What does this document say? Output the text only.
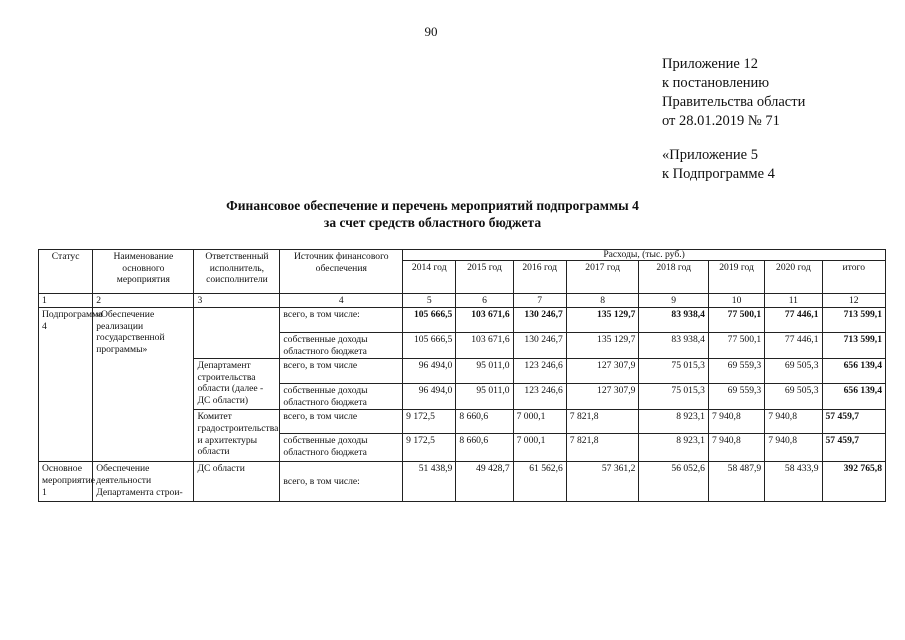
90
Приложение 12
к постановлению
Правительства области
от 28.01.2019 № 71
«Приложение 5
к Подпрограмме 4
Финансовое обеспечение и перечень мероприятий подпрограммы 4
за счет средств областного бюджета
Статус	Наименование основного мероприятия	Ответственный исполнитель, соисполнители	Источник финансового обеспечения	Расходы, (тыс. руб.)							
				2014 год	2015 год	2016 год	2017 год	2018 год	2019 год	2020 год	итого
1	2	3	4	5	6	7	8	9	10	11	12
Подпрограмма 4	«Обеспечение реализации государственной программы»		всего, в том числе:	105 666,5	103 671,6	130 246,7	135 129,7	83 938,4	77 500,1	77 446,1	713 599,1
			собственные доходы областного бюджета	105 666,5	103 671,6	130 246,7	135 129,7	83 938,4	77 500,1	77 446,1	713 599,1
		Департамент строительства области (далее - ДС области)	всего, в том числе	96 494,0	95 011,0	123 246,6	127 307,9	75 015,3	69 559,3	69 505,3	656 139,4
			собственные доходы областного бюджета	96 494,0	95 011,0	123 246,6	127 307,9	75 015,3	69 559,3	69 505,3	656 139,4
		Комитет градостроительства и архитектуры области	всего, в том числе	9 172,5	8 660,6	7 000,1	7 821,8	8 923,1	7 940,8	7 940,8	57 459,7
			собственные доходы областного бюджета	9 172,5	8 660,6	7 000,1	7 821,8	8 923,1	7 940,8	7 940,8	57 459,7
Основное мероприятие 1	Обеспечение деятельности Департамента строи-	ДС области	всего, в том числе:	51 438,9	49 428,7	61 562,6	57 361,2	56 052,6	58 487,9	58 433,9	392 765,8
